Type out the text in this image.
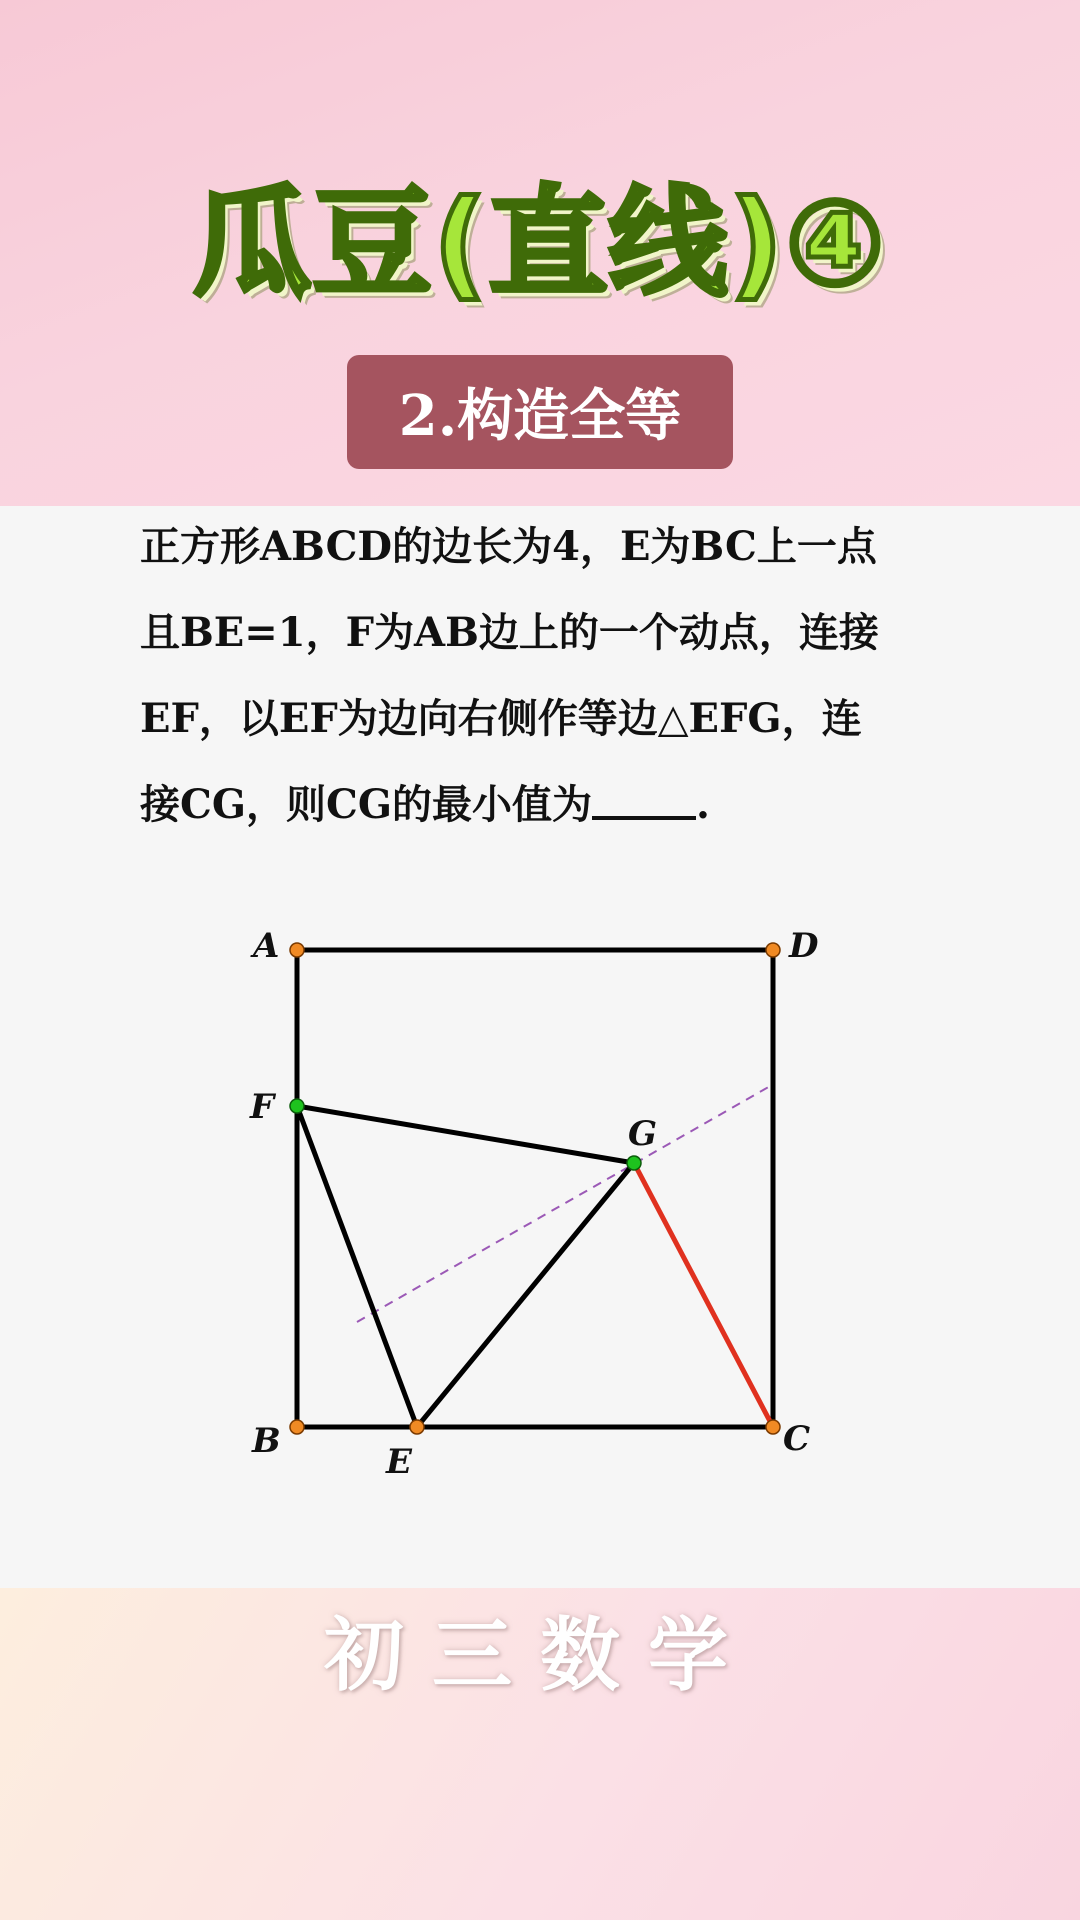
瓜豆(直线)④
2.构造全等
正方形ABCD的边长为4，E为BC上一点
且BE=1，F为AB边上的一个动点，连接
EF，以EF为边向右侧作等边△EFG，连
接CG，则CG的最小值为	.
A	D
F
G
B
E
C
初三数学
